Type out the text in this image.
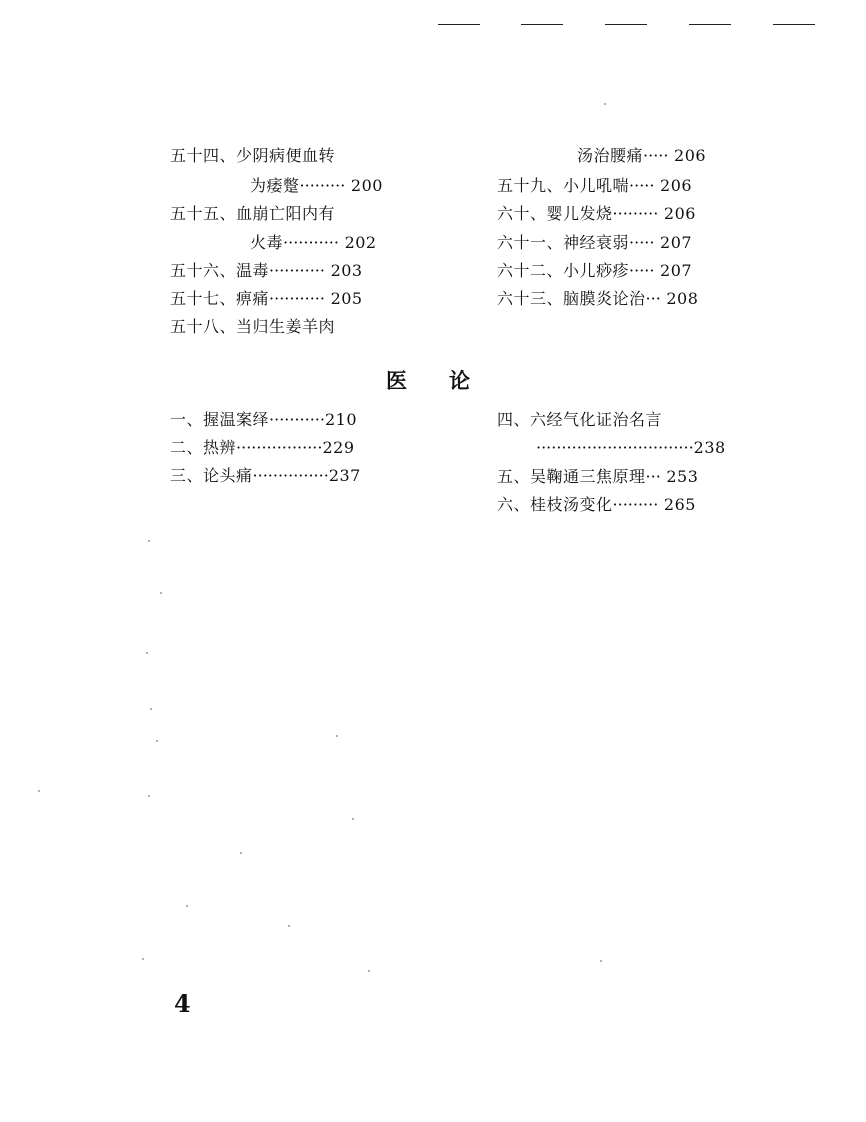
五十四、少阴病便血转
为痿蹩········· 200
五十五、血崩亡阳内有
火毒··········· 202
五十六、温毒··········· 203
五十七、痹痛··········· 205
五十八、当归生姜羊肉
汤治腰痛····· 206
五十九、小儿吼喘····· 206
六十、婴儿发烧········· 206
六十一、神经衰弱····· 207
六十二、小儿痧疹····· 207
六十三、脑膜炎论治··· 208
医　　论
一、握温案绎···········210
二、热辨·················229
三、论头痛···············237
四、六经气化证治名言
·······························238
五、吴鞠通三焦原理··· 253
六、桂枝汤变化········· 265
4
